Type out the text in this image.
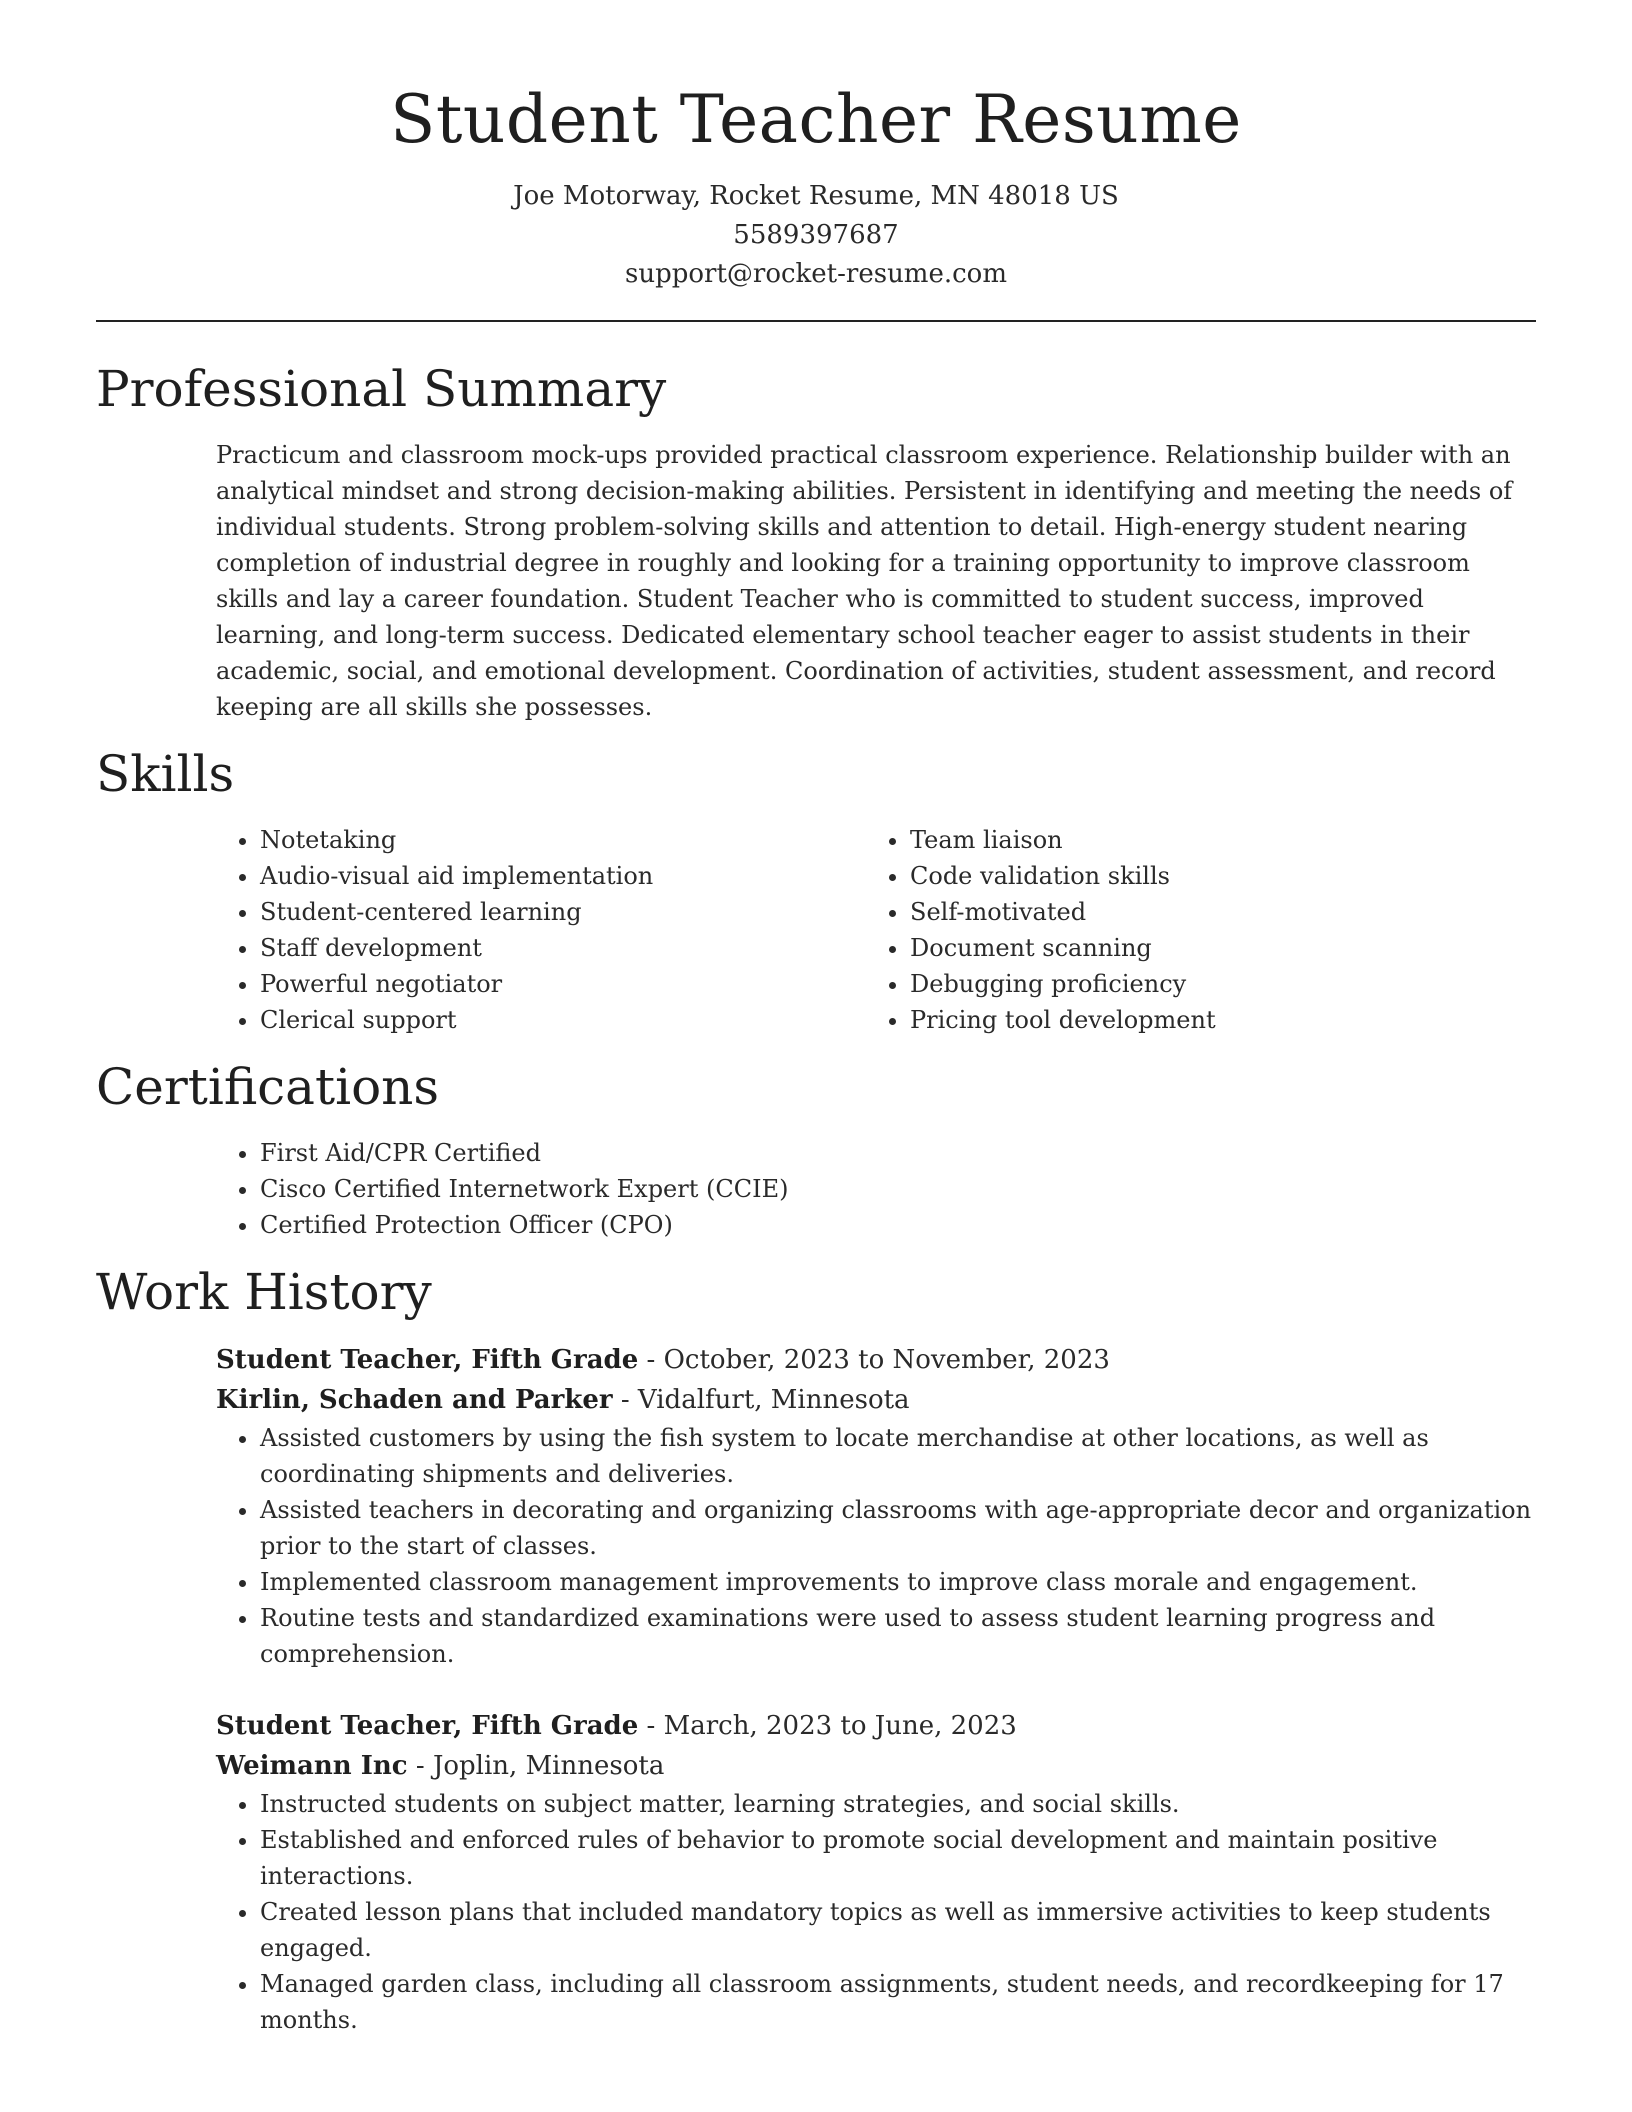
Student Teacher Resume
Joe Motorway, Rocket Resume, MN 48018 US
5589397687
support@rocket-resume.com
Professional Summary

Practicum and classroom mock-ups provided practical classroom experience. Relationship builder with an analytical mindset and strong decision-making abilities. Persistent in identifying and meeting the needs of individual students. Strong problem-solving skills and attention to detail. High-energy student nearing completion of industrial degree in roughly and looking for a training opportunity to improve classroom skills and lay a career foundation. Student Teacher who is committed to student success, improved learning, and long-term success. Dedicated elementary school teacher eager to assist students in their academic, social, and emotional development. Coordination of activities, student assessment, and record keeping are all skills she possesses.

Skills
• Notetaking
• Audio-visual aid implementation
• Student-centered learning
• Staff development
• Powerful negotiator
• Clerical support
• Team liaison
• Code validation skills
• Self-motivated
• Document scanning
• Debugging proficiency
• Pricing tool development
Certifications
• First Aid/CPR Certified
• Cisco Certified Internetwork Expert (CCIE)
• Certified Protection Officer (CPO)
Work History
Student Teacher, Fifth Grade - October, 2023 to November, 2023
Kirlin, Schaden and Parker - Vidalfurt, Minnesota
• Assisted customers by using the fish system to locate merchandise at other locations, as well as coordinating shipments and deliveries.
• Assisted teachers in decorating and organizing classrooms with age-appropriate decor and organization prior to the start of classes.
• Implemented classroom management improvements to improve class morale and engagement.
• Routine tests and standardized examinations were used to assess student learning progress and comprehension.
Student Teacher, Fifth Grade - March, 2023 to June, 2023
Weimann Inc - Joplin, Minnesota
• Instructed students on subject matter, learning strategies, and social skills.
• Established and enforced rules of behavior to promote social development and maintain positive interactions.
• Created lesson plans that included mandatory topics as well as immersive activities to keep students engaged.
• Managed garden class, including all classroom assignments, student needs, and recordkeeping for 17 months.
